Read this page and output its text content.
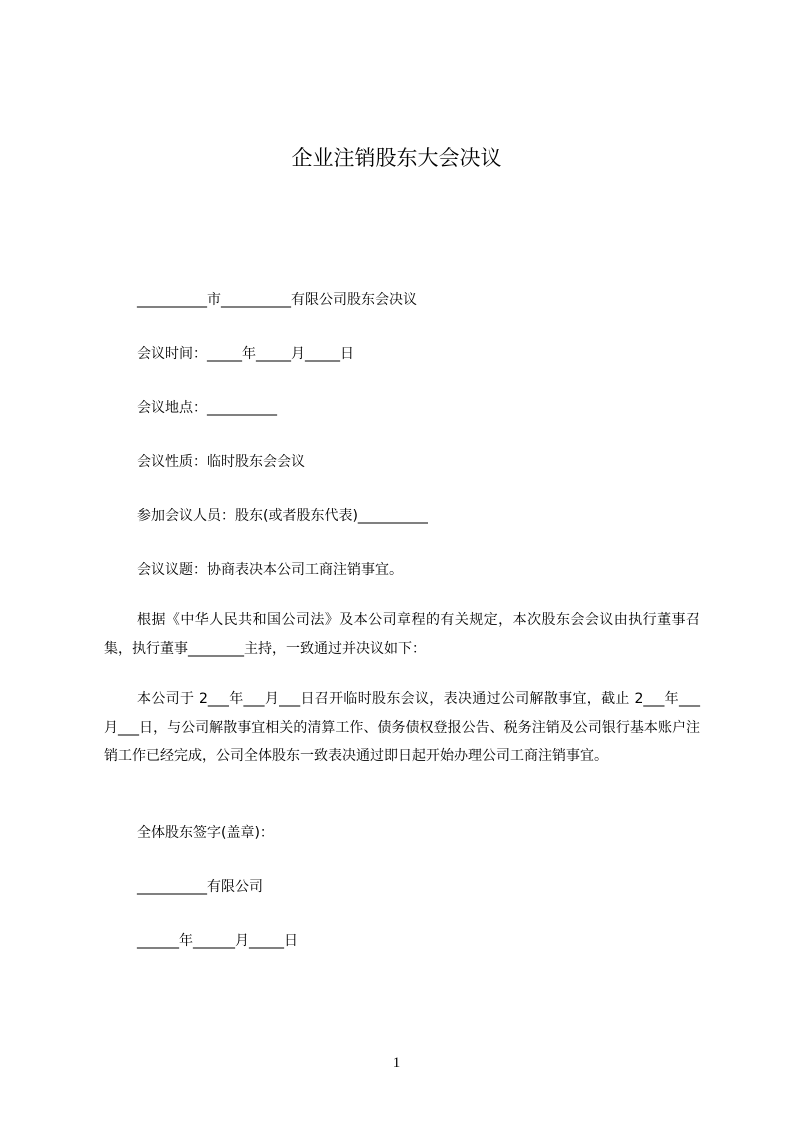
企业注销股东大会决议
__________市__________有限公司股东会决议
会议时间：_____年_____月_____日
会议地点：__________
会议性质：临时股东会会议
参加会议人员：股东(或者股东代表)__________
会议议题：协商表决本公司工商注销事宜。
根据《中华人民共和国公司法》及本公司章程的有关规定，本次股东会会议由执行董事召集，执行董事________主持，一致通过并决议如下：
本公司于 2___年___月___日召开临时股东会议，表决通过公司解散事宜，截止 2___年___月___日，与公司解散事宜相关的清算工作、债务债权登报公告、税务注销及公司银行基本账户注销工作已经完成，公司全体股东一致表决通过即日起开始办理公司工商注销事宜。
全体股东签字(盖章)：
__________有限公司
______年______月_____日
1
